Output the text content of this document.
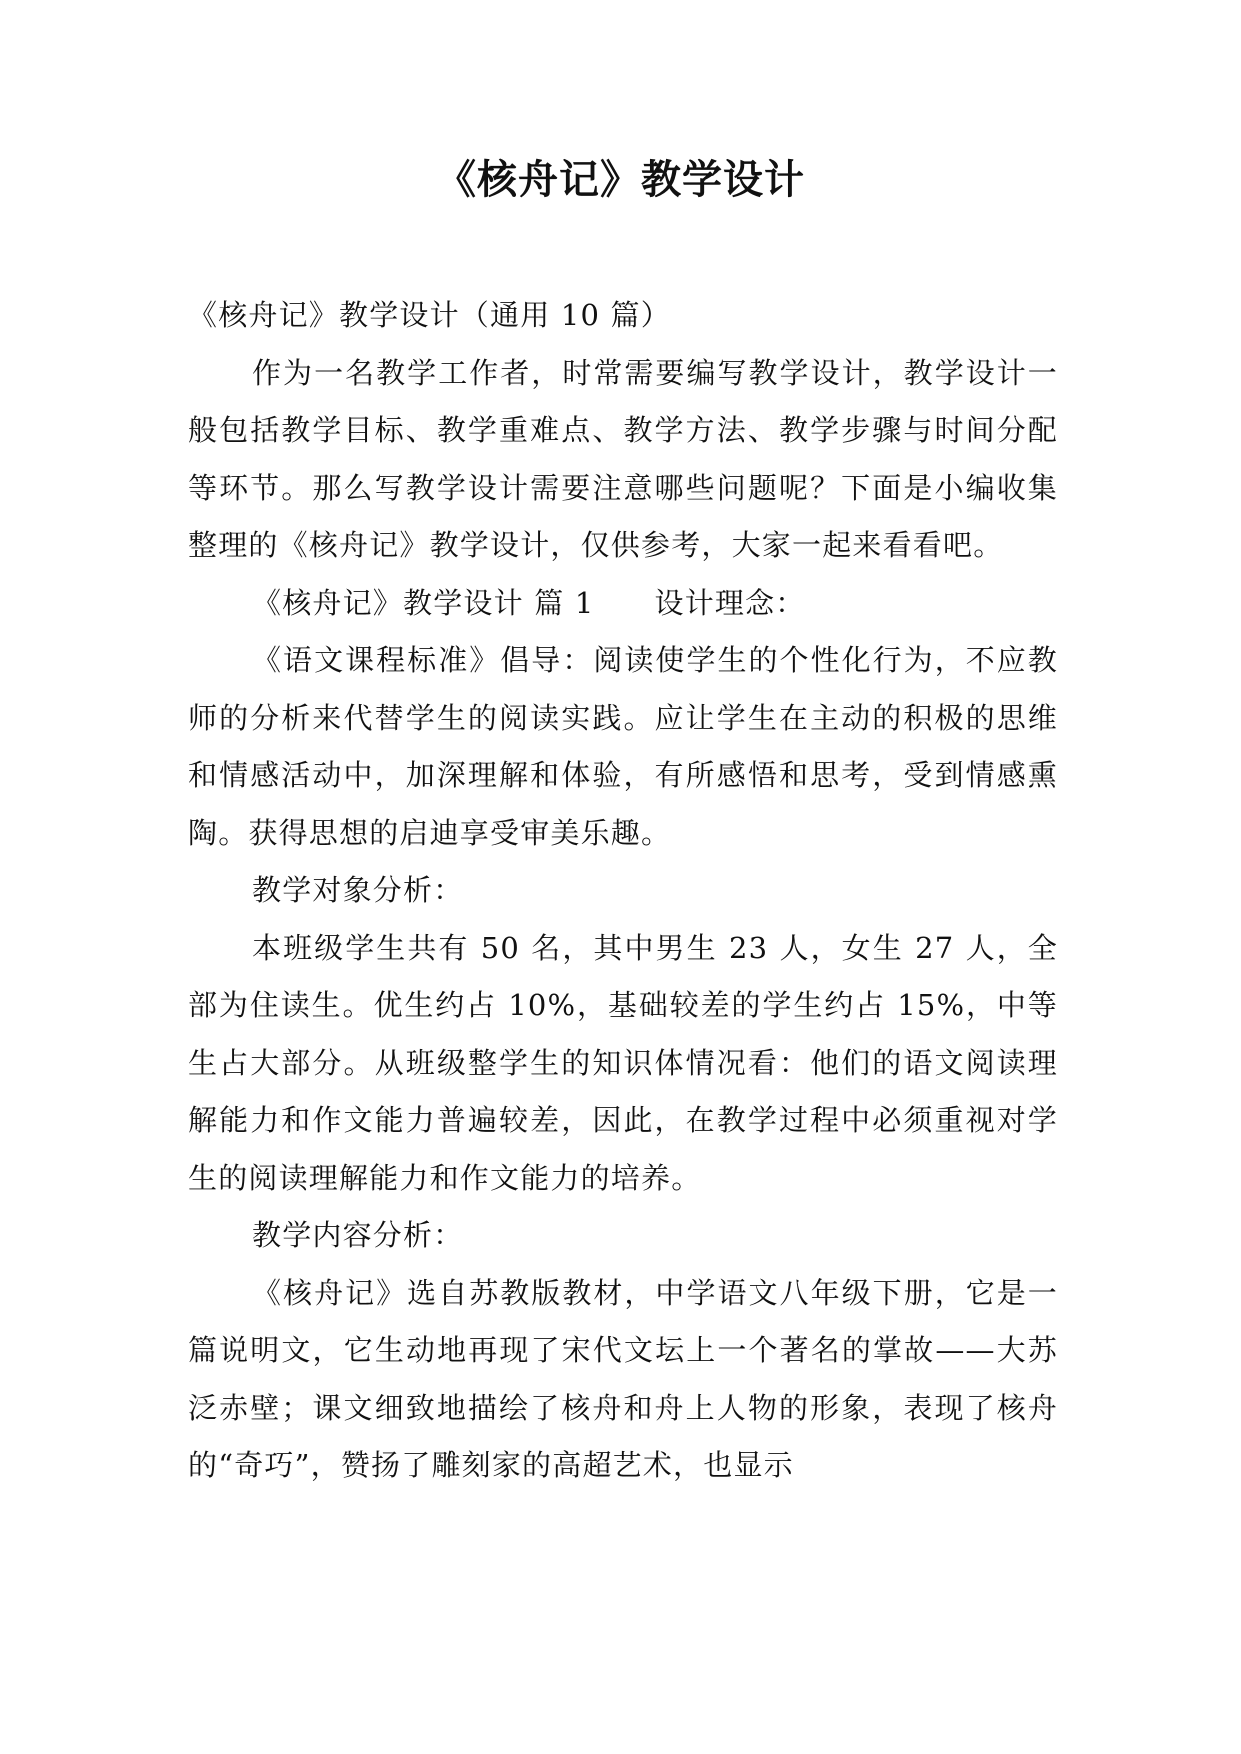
《核舟记》教学设计

《核舟记》教学设计（通用 10 篇）

作为一名教学工作者，时常需要编写教学设计，教学设计一般包括教学目标、教学重难点、教学方法、教学步骤与时间分配等环节。那么写教学设计需要注意哪些问题呢？下面是小编收集整理的《核舟记》教学设计，仅供参考，大家一起来看看吧。

《核舟记》教学设计 篇 1 设计理念：

《语文课程标准》倡导：阅读使学生的个性化行为，不应教师的分析来代替学生的阅读实践。应让学生在主动的积极的思维和情感活动中，加深理解和体验，有所感悟和思考，受到情感熏陶。获得思想的启迪享受审美乐趣。

教学对象分析：

本班级学生共有 50 名，其中男生 23 人，女生 27 人，全部为住读生。优生约占 10%，基础较差的学生约占 15%，中等生占大部分。从班级整学生的知识体情况看：他们的语文阅读理解能力和作文能力普遍较差，因此，在教学过程中必须重视对学生的阅读理解能力和作文能力的培养。

教学内容分析：

《核舟记》选自苏教版教材，中学语文八年级下册，它是一篇说明文，它生动地再现了宋代文坛上一个著名的掌故——大苏泛赤壁；课文细致地描绘了核舟和舟上人物的形象，表现了核舟的“奇巧”，赞扬了雕刻家的高超艺术，也显示
